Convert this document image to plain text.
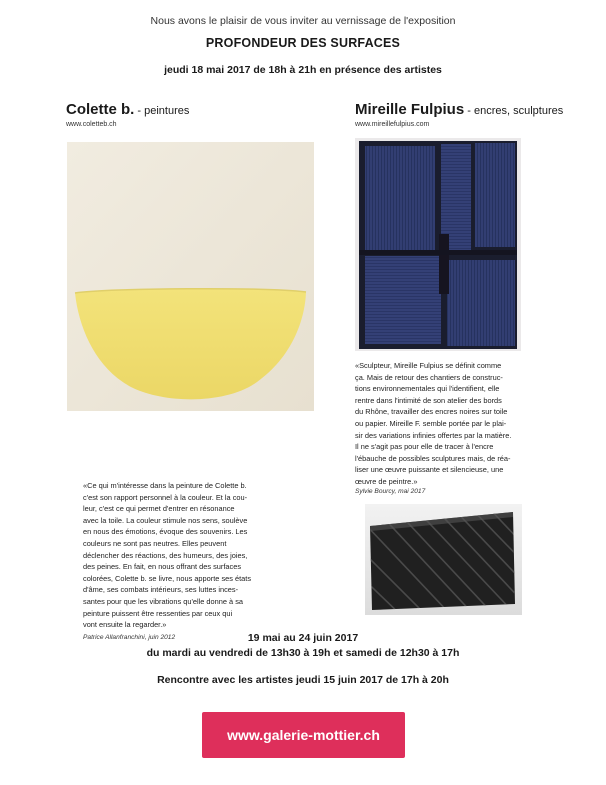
Nous avons le plaisir de vous inviter au vernissage de l'exposition
PROFONDEUR DES SURFACES
jeudi 18 mai 2017 de 18h à 21h en présence des artistes
Colette b. - peintures
www.coletteb.ch
«Ce qui m'intéresse dans la peinture de Colette b.
c'est son rapport personnel à la couleur. Et la cou-
leur, c'est ce qui permet d'entrer en résonance
avec la toile. La couleur stimule nos sens, soulève
en nous des émotions, évoque des souvenirs. Les
couleurs ne sont pas neutres. Elles peuvent
déclencher des réactions, des humeurs, des joies,
des peines. En fait, en nous offrant des surfaces
colorées, Colette b. se livre, nous apporte ses états
d'âme, ses combats intérieurs, ses luttes inces-
santes pour que les vibrations qu'elle donne à sa
peinture puissent être ressenties par ceux qui
vont ensuite la regarder.»
Patrice Allanfranchini, juin 2012
Mireille Fulpius - encres, sculptures
www.mireillefulpius.com
«Sculpteur, Mireille Fulpius se définit comme
ça. Mais de retour des chantiers de construc-
tions environnementales qui l'identifient, elle
rentre dans l'intimité de son atelier des bords
du Rhône, travailler des encres noires sur toile
ou papier. Mireille F. semble portée par le plai-
sir des variations infinies offertes par la matière.
Il ne s'agit pas pour elle de tracer à l'encre
l'ébauche de possibles sculptures mais, de réa-
liser une œuvre puissante et silencieuse, une
œuvre de peintre.»
Sylvie Bourcy, mai 2017
19 mai au 24 juin 2017
du mardi au vendredi de 13h30 à 19h et samedi de 12h30 à 17h
Rencontre avec les artistes jeudi 15 juin 2017 de 17h à 20h
www.galerie-mottier.ch
